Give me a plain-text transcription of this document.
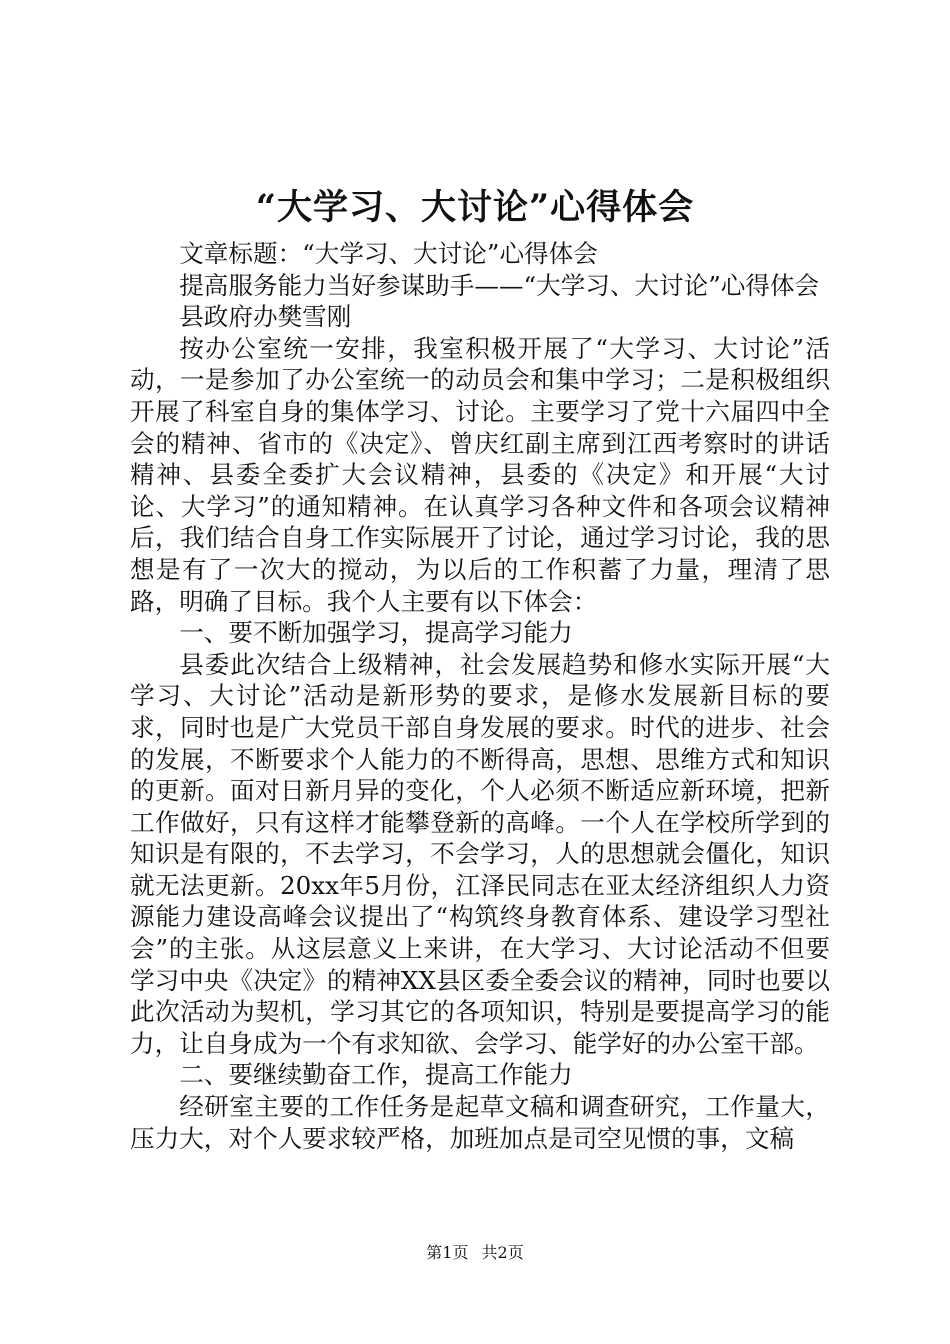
“大学习、大讨论”心得体会

文章标题：“大学习、大讨论”心得体会

提高服务能力当好参谋助手——“大学习、大讨论”心得体会

县政府办樊雪刚

按办公室统一安排，我室积极开展了“大学习、大讨论”活动，一是参加了办公室统一的动员会和集中学习；二是积极组织开展了科室自身的集体学习、讨论。主要学习了党十六届四中全会的精神、省市的《决定》、曾庆红副主席到江西考察时的讲话精神、县委全委扩大会议精神，县委的《决定》和开展“大讨论、大学习”的通知精神。在认真学习各种文件和各项会议精神后，我们结合自身工作实际展开了讨论，通过学习讨论，我的思想是有了一次大的搅动，为以后的工作积蓄了力量，理清了思路，明确了目标。我个人主要有以下体会：

一、要不断加强学习，提高学习能力

县委此次结合上级精神，社会发展趋势和修水实际开展“大学习、大讨论”活动是新形势的要求，是修水发展新目标的要求，同时也是广大党员干部自身发展的要求。时代的进步、社会的发展，不断要求个人能力的不断得高，思想、思维方式和知识的更新。面对日新月异的变化，个人必须不断适应新环境，把新工作做好，只有这样才能攀登新的高峰。一个人在学校所学到的知识是有限的，不去学习，不会学习，人的思想就会僵化，知识就无法更新。20xx年5月份，江泽民同志在亚太经济组织人力资源能力建设高峰会议提出了“构筑终身教育体系、建设学习型社会”的主张。从这层意义上来讲，在大学习、大讨论活动不但要学习中央《决定》的精神XX县区委全委会议的精神，同时也要以此次活动为契机，学习其它的各项知识，特别是要提高学习的能力，让自身成为一个有求知欲、会学习、能学好的办公室干部。

二、要继续勤奋工作，提高工作能力

经研室主要的工作任务是起草文稿和调查研究，工作量大，压力大，对个人要求较严格，加班加点是司空见惯的事，文稿

第1页 共2页
